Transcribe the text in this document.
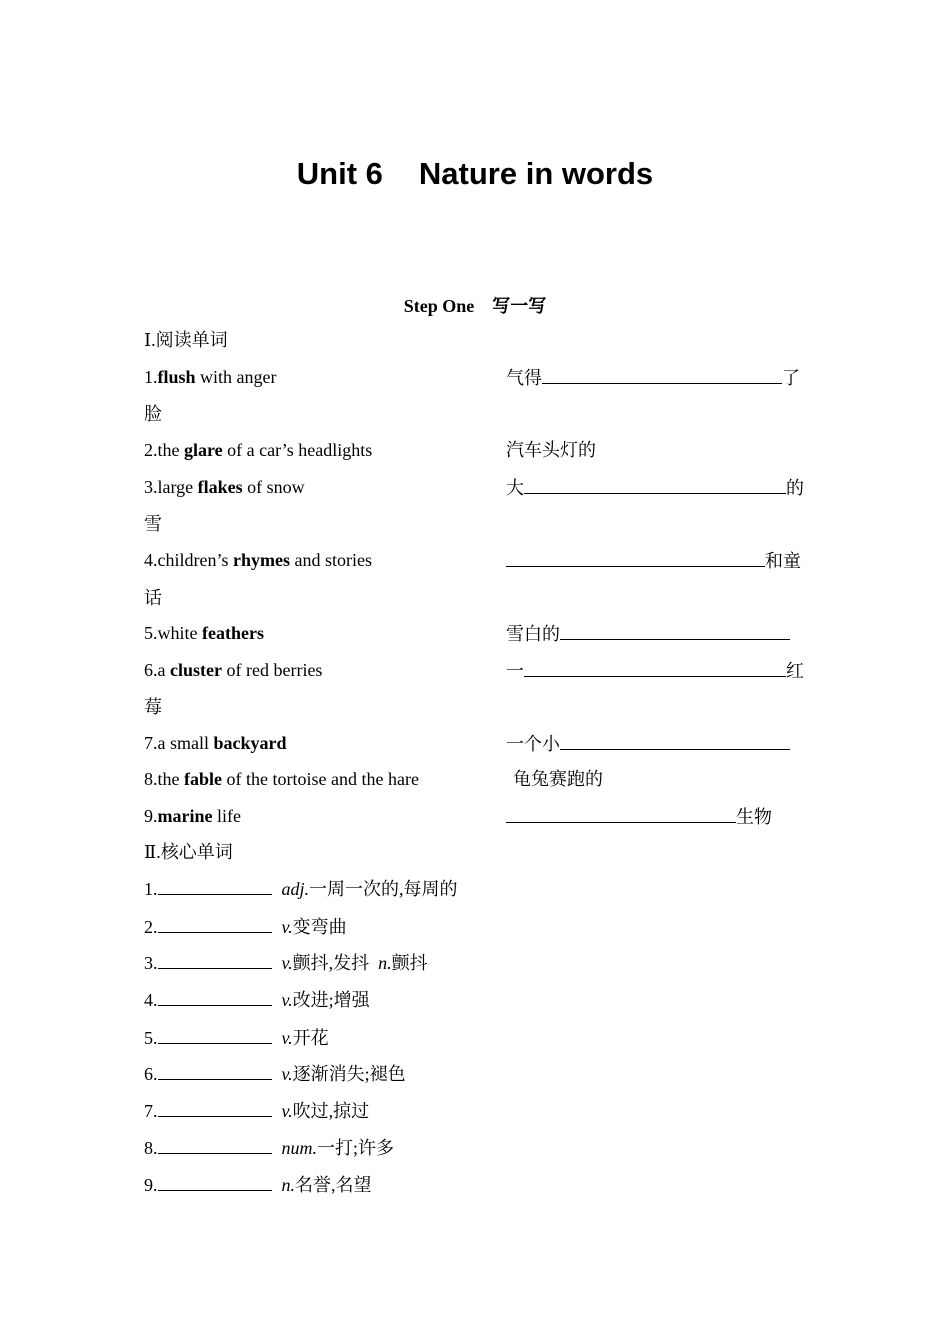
Unit 6 Nature in words
Step One 写一写
Ⅰ.阅读单词
1.flush with anger	气得	了
脸
2.the glare of a car’s headlights	汽车头灯的
3.large flakes of snow	大	的
雪
4.children’s rhymes and stories	和童
话
5.white feathers	雪白的
6.a cluster of red berries	一	红
莓
7.a small backyard	一个小
8.the fable of the tortoise and the hare	龟兔赛跑的
9.marine life	生物
Ⅱ.核心单词
1.	adj.一周一次的,每周的
2.	v.变弯曲
3.	v.颤抖,发抖 n.颤抖
4.	v.改进;增强
5.	v.开花
6.	v.逐渐消失;褪色
7.	v.吹过,掠过
8.	num.一打;许多
9.	n.名誉,名望
